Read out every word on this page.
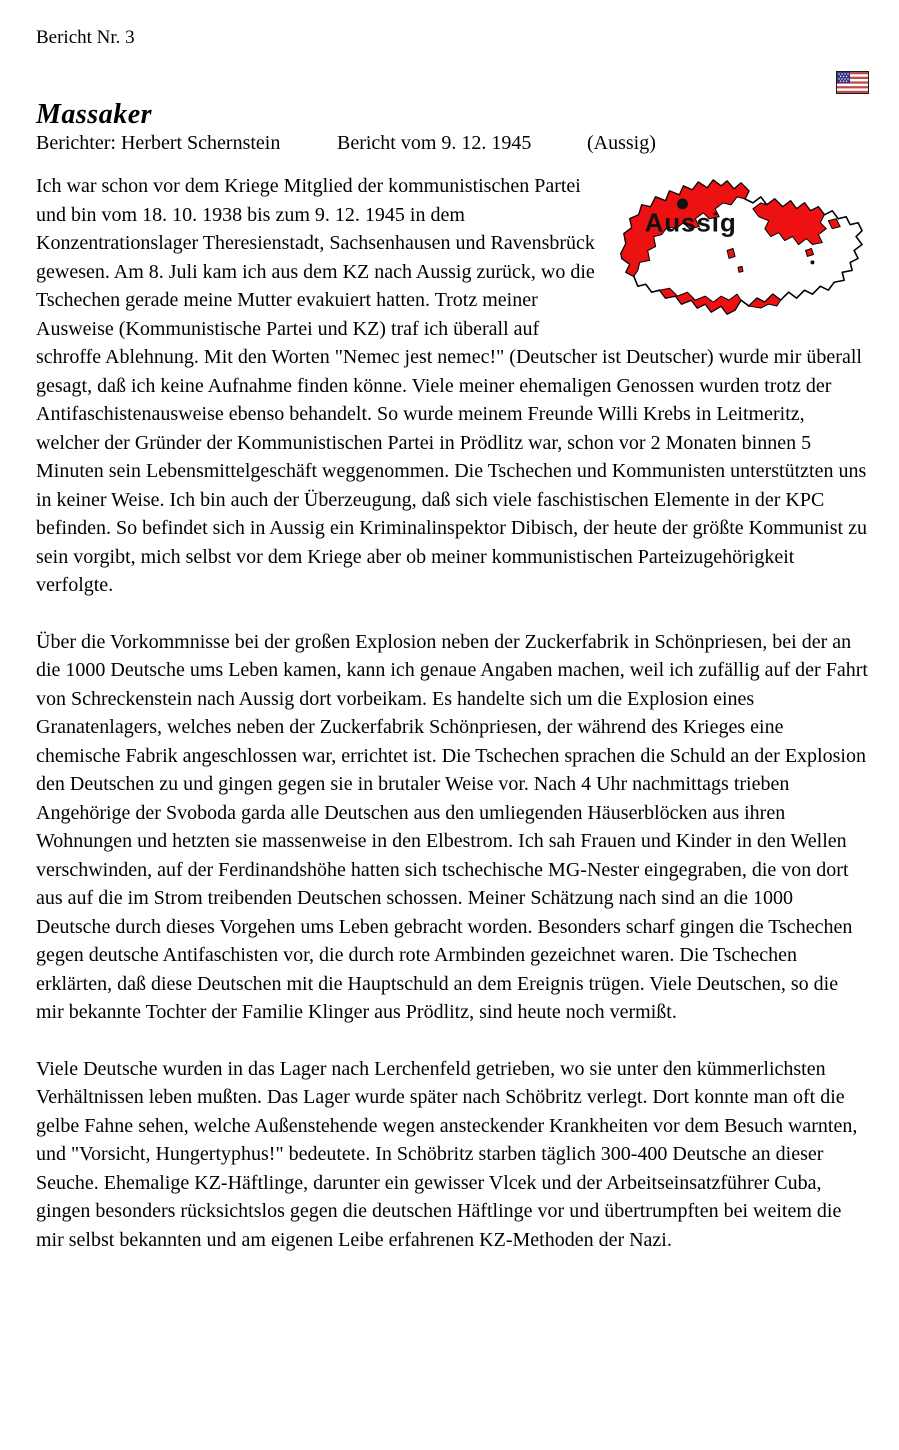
Bericht Nr. 3
Massaker
Berichter: Herbert Schernstein	Bericht vom 9. 12. 1945	(Aussig)
Aussig

Ich war schon vor dem Kriege Mitglied der kommunistischen Partei und bin vom 18. 10. 1938 bis zum 9. 12. 1945 in dem Konzentrationslager Theresienstadt, Sachsenhausen und Ravensbrück gewesen. Am 8. Juli kam ich aus dem KZ nach Aussig zurück, wo die Tschechen gerade meine Mutter evakuiert hatten. Trotz meiner Ausweise (Kommunistische Partei und KZ) traf ich überall auf schroffe Ablehnung. Mit den Worten "Nemec jest nemec!" (Deutscher ist Deutscher) wurde mir überall gesagt, daß ich keine Aufnahme finden könne. Viele meiner ehemaligen Genossen wurden trotz der Antifaschistenausweise ebenso behandelt. So wurde meinem Freunde Willi Krebs in Leitmeritz, welcher der Gründer der Kommunistischen Partei in Prödlitz war, schon vor 2 Monaten binnen 5 Minuten sein Lebensmittelgeschäft weggenommen. Die Tschechen und Kommunisten unterstützten uns in keiner Weise. Ich bin auch der Überzeugung, daß sich viele faschistischen Elemente in der KPC befinden. So befindet sich in Aussig ein Kriminalinspektor Dibisch, der heute der größte Kommunist zu sein vorgibt, mich selbst vor dem Kriege aber ob meiner kommunistischen Parteizugehörigkeit verfolgte.

Über die Vorkommnisse bei der großen Explosion neben der Zuckerfabrik in Schönpriesen, bei der an die 1000 Deutsche ums Leben kamen, kann ich genaue Angaben machen, weil ich zufällig auf der Fahrt von Schreckenstein nach Aussig dort vorbeikam. Es handelte sich um die Explosion eines Granatenlagers, welches neben der Zuckerfabrik Schönpriesen, der während des Krieges eine chemische Fabrik angeschlossen war, errichtet ist. Die Tschechen sprachen die Schuld an der Explosion den Deutschen zu und gingen gegen sie in brutaler Weise vor. Nach 4 Uhr nachmittags trieben Angehörige der Svoboda garda alle Deutschen aus den umliegenden Häuserblöcken aus ihren Wohnungen und hetzten sie massenweise in den Elbestrom. Ich sah Frauen und Kinder in den Wellen verschwinden, auf der Ferdinandshöhe hatten sich tschechische MG-Nester eingegraben, die von dort aus auf die im Strom treibenden Deutschen schossen. Meiner Schätzung nach sind an die 1000 Deutsche durch dieses Vorgehen ums Leben gebracht worden. Besonders scharf gingen die Tschechen gegen deutsche Antifaschisten vor, die durch rote Armbinden gezeichnet waren. Die Tschechen erklärten, daß diese Deutschen mit die Hauptschuld an dem Ereignis trügen. Viele Deutschen, so die mir bekannte Tochter der Familie Klinger aus Prödlitz, sind heute noch vermißt.

Viele Deutsche wurden in das Lager nach Lerchenfeld getrieben, wo sie unter den kümmerlichsten Verhältnissen leben mußten. Das Lager wurde später nach Schöbritz verlegt. Dort konnte man oft die gelbe Fahne sehen, welche Außenstehende wegen ansteckender Krankheiten vor dem Besuch warnten, und "Vorsicht, Hungertyphus!" bedeutete. In Schöbritz starben täglich 300-400 Deutsche an dieser Seuche. Ehemalige KZ-Häftlinge, darunter ein gewisser Vlcek und der Arbeitseinsatzführer Cuba, gingen besonders rücksichtslos gegen die deutschen Häftlinge vor und übertrumpften bei weitem die mir selbst bekannten und am eigenen Leibe erfahrenen KZ-Methoden der Nazi.
